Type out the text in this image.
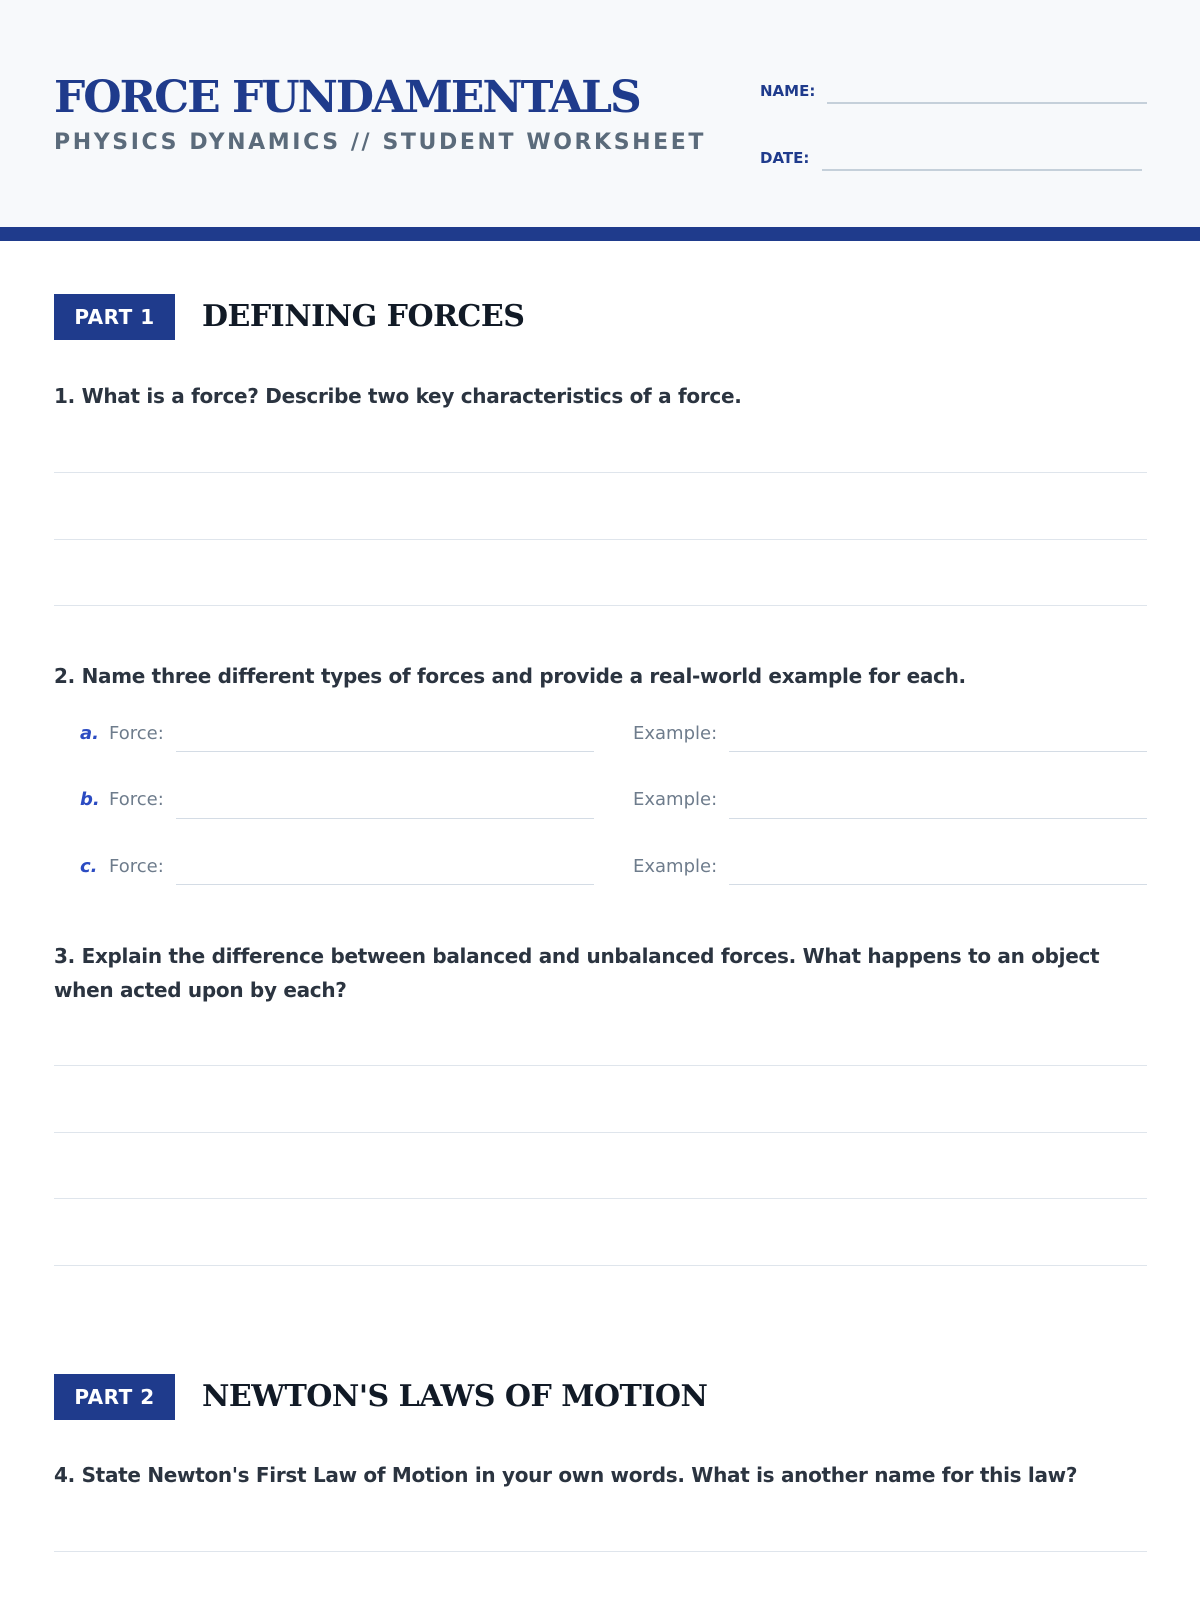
FORCE FUNDAMENTALS
PHYSICS DYNAMICS // STUDENT WORKSHEET
NAME:
DATE:
PART 1	DEFINING FORCES
1. What is a force? Describe two key characteristics of a force.
2. Name three different types of forces and provide a real-world example for each.
a. Force:	Example:
b. Force:	Example:
c. Force:	Example:
3. Explain the difference between balanced and unbalanced forces. What happens to an object when acted upon by each?
PART 2	NEWTON'S LAWS OF MOTION
4. State Newton's First Law of Motion in your own words. What is another name for this law?
